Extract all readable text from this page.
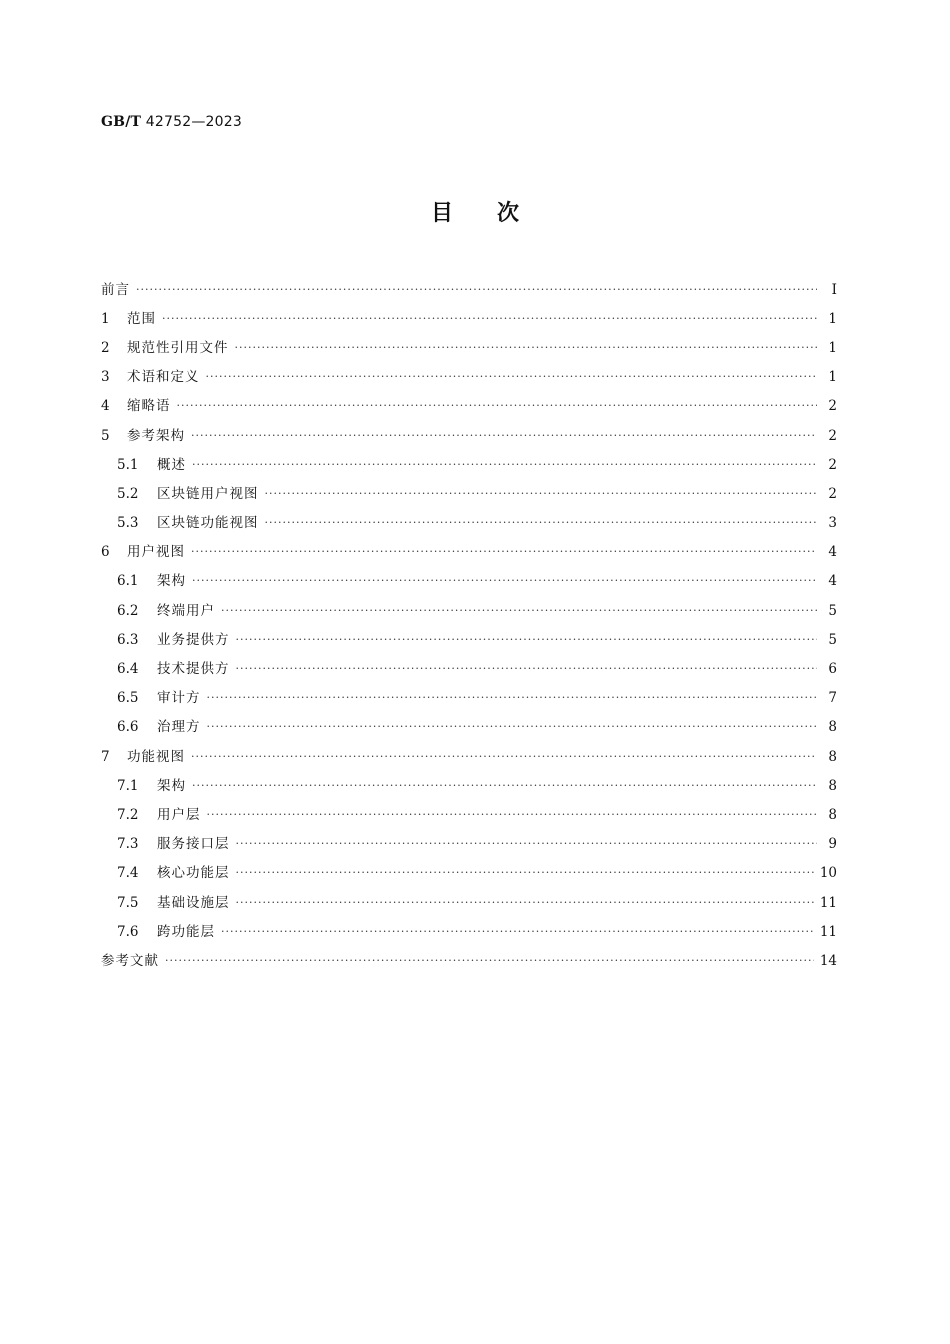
GB/T 42752—2023
目次
前言 ·····	Ⅰ
1	范围 ·····	1
2	规范性引用文件 ·····	1
3	术语和定义 ·····	1
4	缩略语 ·····	2
5	参考架构 ·····	2
5.1	概述 ·····	2
5.2	区块链用户视图 ·····	2
5.3	区块链功能视图 ·····	3
6	用户视图 ·····	4
6.1	架构 ·····	4
6.2	终端用户 ·····	5
6.3	业务提供方 ·····	5
6.4	技术提供方 ·····	6
6.5	审计方 ·····	7
6.6	治理方 ·····	8
7	功能视图 ·····	8
7.1	架构 ·····	8
7.2	用户层 ·····	8
7.3	服务接口层 ·····	9
7.4	核心功能层 ·····	10
7.5	基础设施层 ·····	11
7.6	跨功能层 ·····	11
参考文献 ·····	14
